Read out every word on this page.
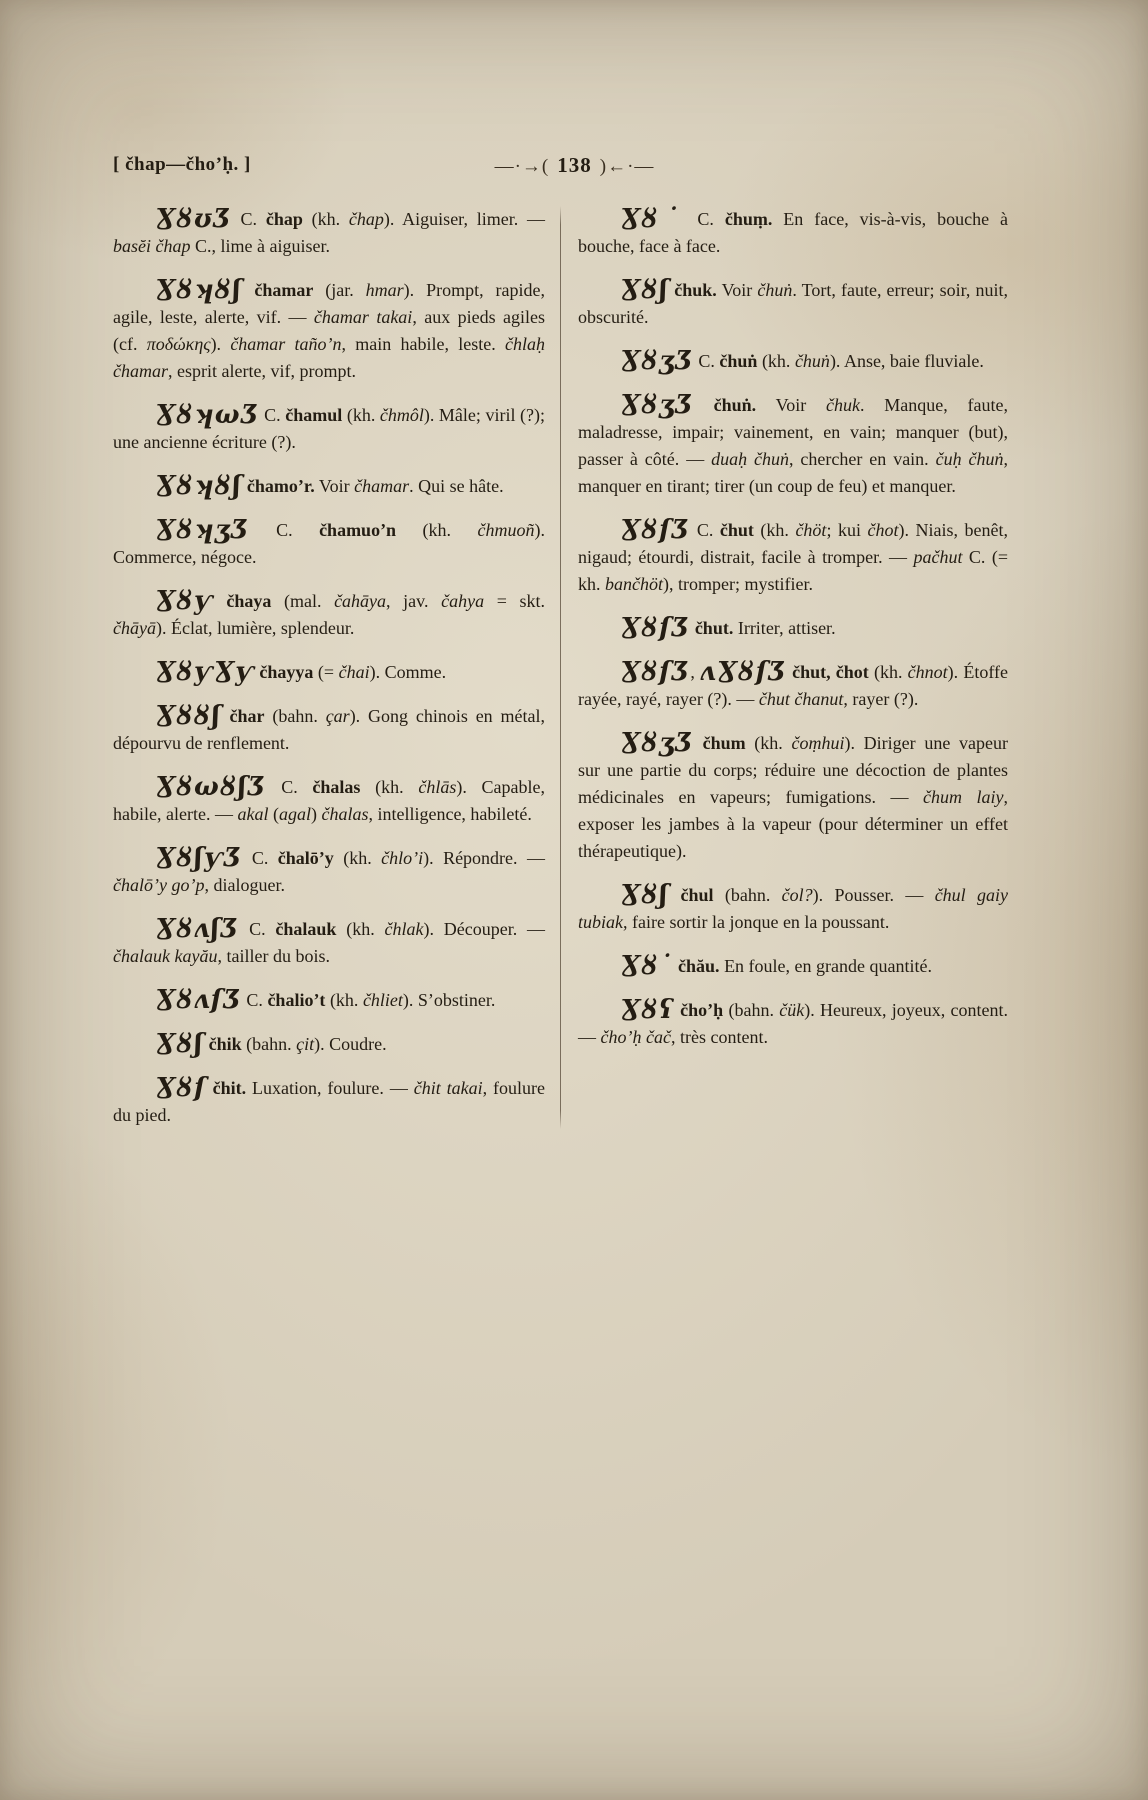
[ čhap—čho’ḥ. ]	—·→( 138 )←·—

ƔȣʊƷ C. čhap (kh. čhap). Aiguiser, limer. — basĕi čhap C., lime à aiguiser.

Ɣȣʞȣʃ čhamar (jar. hmar). Prompt, rapide, agile, leste, alerte, vif. — čhamar takai, aux pieds agiles (cf. ποδώκης). čhamar taño’n, main habile, leste. čhlaḥ čhamar, esprit alerte, vif, prompt.

ƔȣʞωƷ C. čhamul (kh. čhmôl). Mâle; viril (?); une ancienne écriture (?).

Ɣȣʞȣʃ čhamo’r. Voir čhamar. Qui se hâte.

ƔȣʞʒƷ C. čhamuo’n (kh. čhmuoñ). Commerce, négoce.

Ɣȣƴ čhaya (mal. čahāya, jav. čahya = skt. čhāyā). Éclat, lumière, splendeur.

ƔȣƴƔƴ čhayya (= čhai). Comme.

Ɣȣȣʃ čhar (bahn. çar). Gong chinois en métal, dépourvu de renflement.

ƔȣωȣʃƷ C. čhalas (kh. čhlās). Capable, habile, alerte. — akal (agal) čhalas, intelligence, habileté.

ƔȣʃƴƷ C. čhalō’y (kh. čhlo’i). Répondre. — čhalō’y go’p, dialoguer.

ƔȣʌʃƷ C. čhalauk (kh. čhlak). Découper. — čhalauk kayău, tailler du bois.

ƔȣʌſƷ C. čhalio’t (kh. čhliet). S’obstiner.

Ɣȣʃ čhik (bahn. çit). Coudre.

Ɣȣſ čhit. Luxation, foulure. — čhit takai, foulure du pied.

Ɣȣ˙ C. čhuṃ. En face, vis-à-vis, bouche à bouche, face à face.

Ɣȣʃ čhuk. Voir čhuṅ. Tort, faute, erreur; soir, nuit, obscurité.

ƔȣʒƷ C. čhuṅ (kh. čhuṅ). Anse, baie fluviale.

ƔȣʒƷ čhuṅ. Voir čhuk. Manque, faute, maladresse, impair; vainement, en vain; manquer (but), passer à côté. — duaḥ čhuṅ, chercher en vain. čuḥ čhuṅ, manquer en tirant; tirer (un coup de feu) et manquer.

ƔȣſƷ C. čhut (kh. čhöt; kui čhot). Niais, benêt, nigaud; étourdi, distrait, facile à tromper. — pačhut C. (= kh. bančhöt), tromper; mystifier.

ƔȣſƷ čhut. Irriter, attiser.

ƔȣſƷ, ʌƔȣſƷ čhut, čhot (kh. čhnot). Étoffe rayée, rayé, rayer (?). — čhut čhanut, rayer (?).

ƔȣʒƷ čhum (kh. čoṃhui). Diriger une vapeur sur une partie du corps; réduire une décoction de plantes médicinales en vapeurs; fumigations. — čhum laiy, exposer les jambes à la vapeur (pour déterminer un effet thérapeutique).

Ɣȣʃ čhul (bahn. čol?). Pousser. — čhul gaiy tubiak, faire sortir la jonque en la poussant.

Ɣȣ˙ čhău. En foule, en grande quantité.

Ɣȣʕ čho’ḥ (bahn. čük). Heureux, joyeux, content. — čho’ḥ čač, très content.
